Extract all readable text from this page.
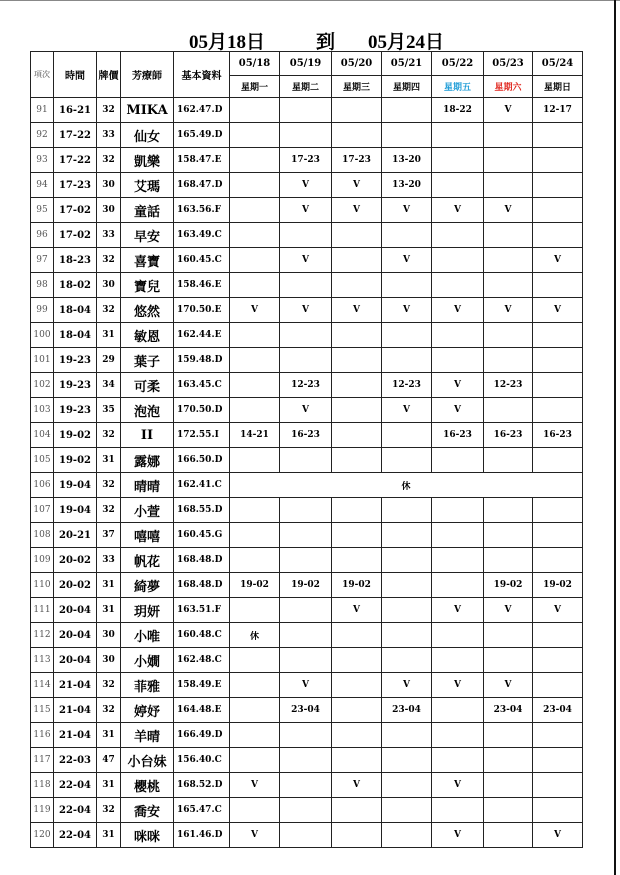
05月18日	到 05月24日
項次	時間	牌價	芳療師	基本資料	05/18	05/19	05/20	05/21	05/22	05/23	05/24
					星期一	星期二	星期三	星期四	星期五	星期六	星期日
91	16-21	32	MIKA	162.47.D					18-22	V	12-17
92	17-22	33	仙女	165.49.D							
93	17-22	32	凱樂	158.47.E		17-23	17-23	13-20			
94	17-23	30	艾瑪	168.47.D		V	V	13-20			
95	17-02	30	童話	163.56.F		V	V	V	V	V	
96	17-02	33	早安	163.49.C							
97	18-23	32	喜寶	160.45.C		V		V			V
98	18-02	30	寶兒	158.46.E							
99	18-04	32	悠然	170.50.E	V	V	V	V	V	V	V
100	18-04	31	敏恩	162.44.E							
101	19-23	29	葉子	159.48.D							
102	19-23	34	可柔	163.45.C		12-23		12-23	V	12-23	
103	19-23	35	泡泡	170.50.D		V		V	V		
104	19-02	32	II	172.55.I	14-21	16-23			16-23	16-23	16-23
105	19-02	31	露娜	166.50.D							
106	19-04	32	晴晴	162.41.C	休						
107	19-04	32	小萱	168.55.D							
108	20-21	37	嘻嘻	160.45.G							
109	20-02	33	帆花	168.48.D							
110	20-02	31	綺夢	168.48.D	19-02	19-02	19-02			19-02	19-02
111	20-04	31	玥妍	163.51.F			V		V	V	V
112	20-04	30	小唯	160.48.C	休						
113	20-04	30	小嫺	162.48.C							
114	21-04	32	菲雅	158.49.E		V		V	V	V	
115	21-04	32	婷妤	164.48.E		23-04		23-04		23-04	23-04
116	21-04	31	羊晴	166.49.D							
117	22-03	47	小台妹	156.40.C							
118	22-04	31	櫻桃	168.52.D	V		V		V		
119	22-04	32	喬安	165.47.C							
120	22-04	31	咪咪	161.46.D	V				V		V
